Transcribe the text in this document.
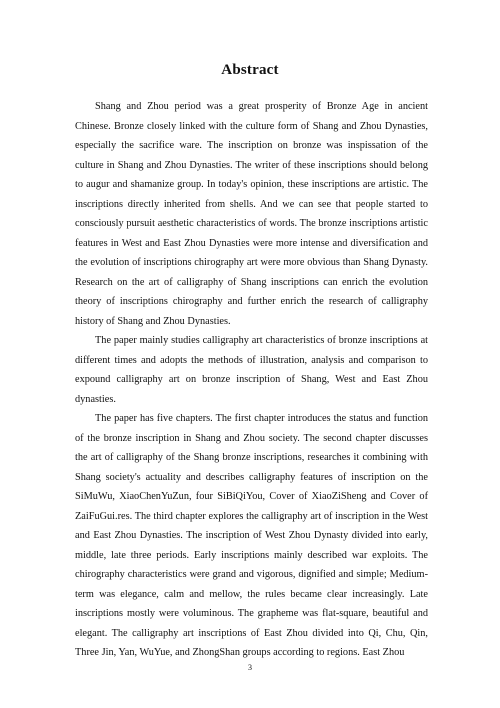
Abstract

Shang and Zhou period was a great prosperity of Bronze Age in ancient Chinese. Bronze closely linked with the culture form of Shang and Zhou Dynasties, especially the sacrifice ware. The inscription on bronze was inspissation of the culture in Shang and Zhou Dynasties. The writer of these inscriptions should belong to augur and shamanize group. In today's opinion, these inscriptions are artistic. The inscriptions directly inherited from shells. And we can see that people started to consciously pursuit aesthetic characteristics of words. The bronze inscriptions artistic features in West and East Zhou Dynasties were more intense and diversification and the evolution of inscriptions chirography art were more obvious than Shang Dynasty. Research on the art of calligraphy of Shang inscriptions can enrich the evolution theory of inscriptions chirography and further enrich the research of calligraphy history of Shang and Zhou Dynasties.

The paper mainly studies calligraphy art characteristics of bronze inscriptions at different times and adopts the methods of illustration, analysis and comparison to expound calligraphy art on bronze inscription of Shang, West and East Zhou dynasties.

The paper has five chapters. The first chapter introduces the status and function of the bronze inscription in Shang and Zhou society. The second chapter discusses the art of calligraphy of the Shang bronze inscriptions, researches it combining with Shang society's actuality and describes calligraphy features of inscription on the SiMuWu, XiaoChenYuZun, four SiBiQiYou, Cover of XiaoZiSheng and Cover of ZaiFuGui.res. The third chapter explores the calligraphy art of inscription in the West and East Zhou Dynasties. The inscription of West Zhou Dynasty divided into early, middle, late three periods. Early inscriptions mainly described war exploits. The chirography characteristics were grand and vigorous, dignified and simple; Medium-term was elegance, calm and mellow, the rules became clear increasingly. Late inscriptions mostly were voluminous. The grapheme was flat-square, beautiful and elegant. The calligraphy art inscriptions of East Zhou divided into Qi, Chu, Qin, Three Jin, Yan, WuYue, and ZhongShan groups according to regions. East Zhou

3
